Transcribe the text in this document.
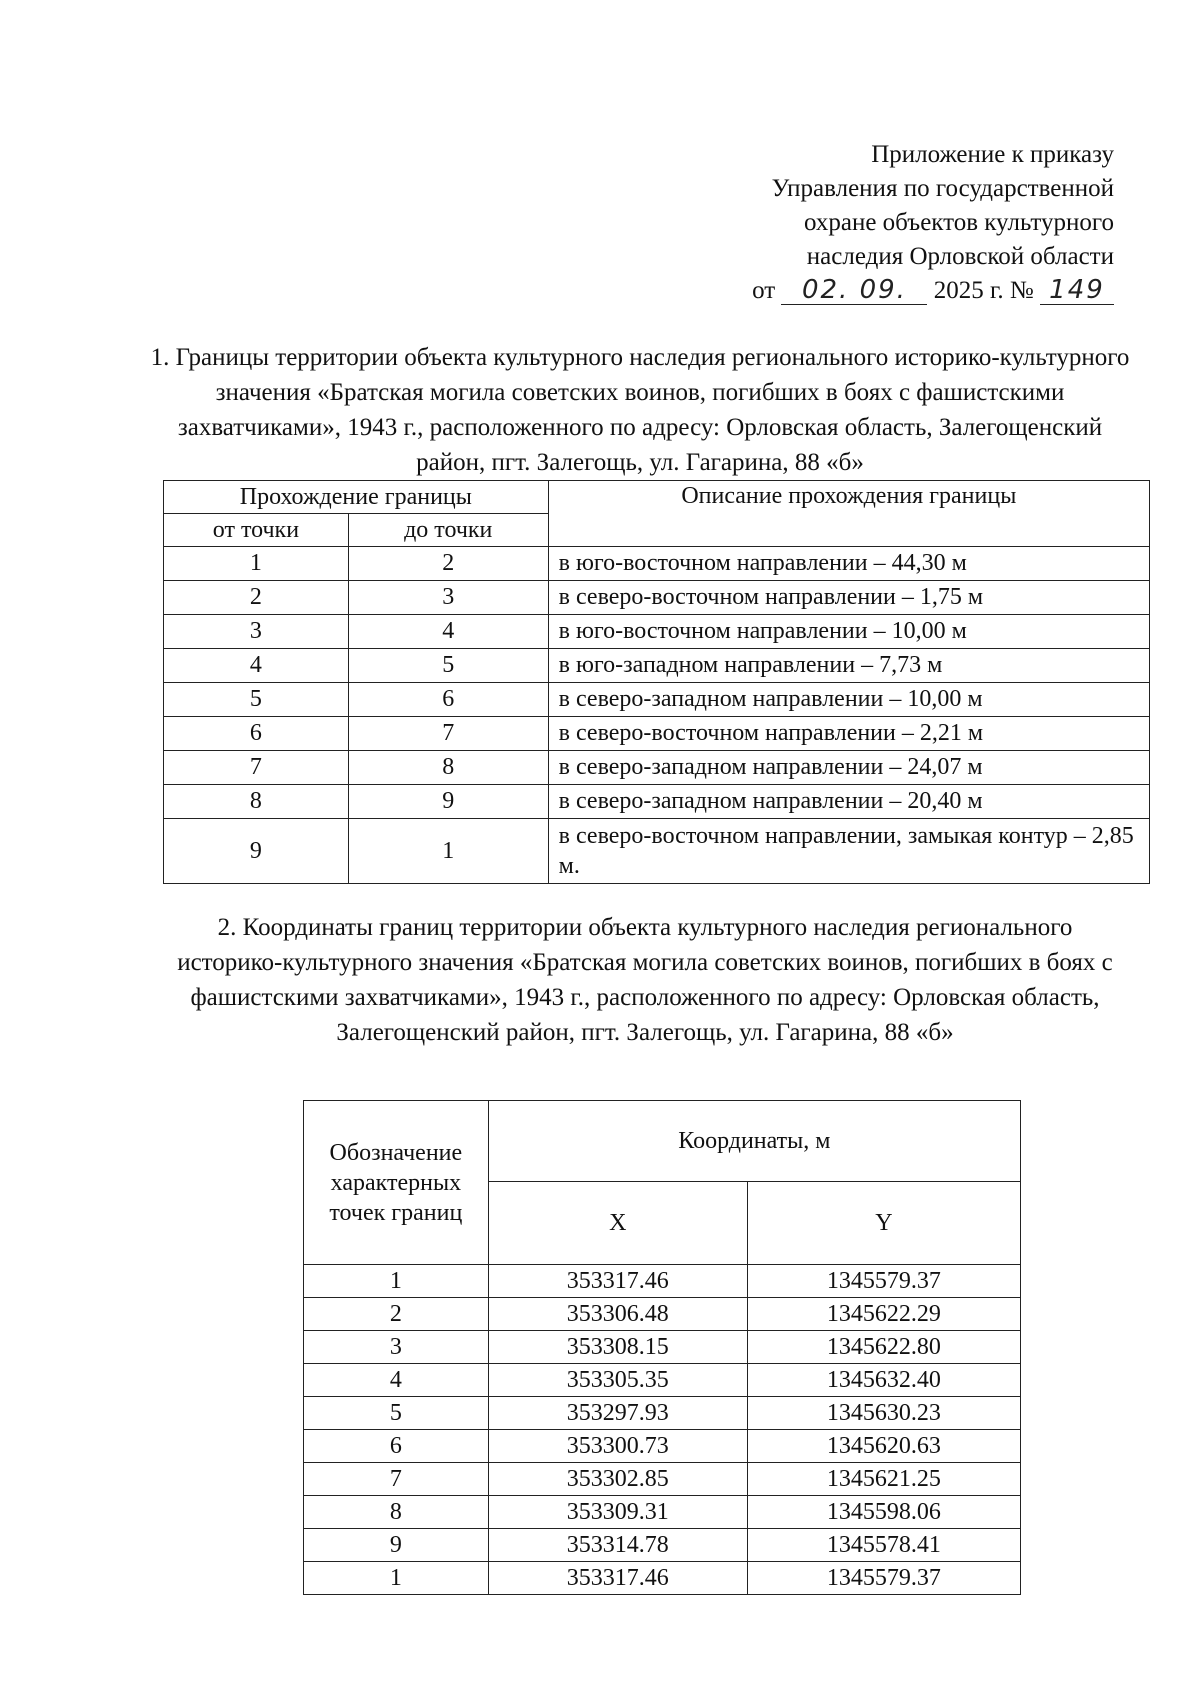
Приложение к приказу
Управления по государственной
охране объектов культурного
наследия Орловской области
от 02. 09. 2025 г. № 149
1. Границы территории объекта культурного наследия регионального историко-культурного значения «Братская могила советских воинов, погибших в боях с фашистскими захватчиками», 1943 г., расположенного по адресу: Орловская область, Залегощенский район, пгт. Залегощь, ул. Гагарина, 88 «б»
Прохождение границы		Описание прохождения границы
от точки	до точки	
1	2	в юго-восточном направлении – 44,30 м
2	3	в северо-восточном направлении – 1,75 м
3	4	в юго-восточном направлении – 10,00 м
4	5	в юго-западном направлении – 7,73 м
5	6	в северо-западном направлении – 10,00 м
6	7	в северо-восточном направлении – 2,21 м
7	8	в северо-западном направлении – 24,07 м
8	9	в северо-западном направлении – 20,40 м
9	1	в северо-восточном направлении, замыкая контур – 2,85 м.
2. Координаты границ территории объекта культурного наследия регионального историко-культурного значения «Братская могила советских воинов, погибших в боях с фашистскими захватчиками», 1943 г., расположенного по адресу: Орловская область, Залегощенский район, пгт. Залегощь, ул. Гагарина, 88 «б»
Обозначение характерных точек границ	Координаты, м	
	X	Y
1	353317.46	1345579.37
2	353306.48	1345622.29
3	353308.15	1345622.80
4	353305.35	1345632.40
5	353297.93	1345630.23
6	353300.73	1345620.63
7	353302.85	1345621.25
8	353309.31	1345598.06
9	353314.78	1345578.41
1	353317.46	1345579.37
